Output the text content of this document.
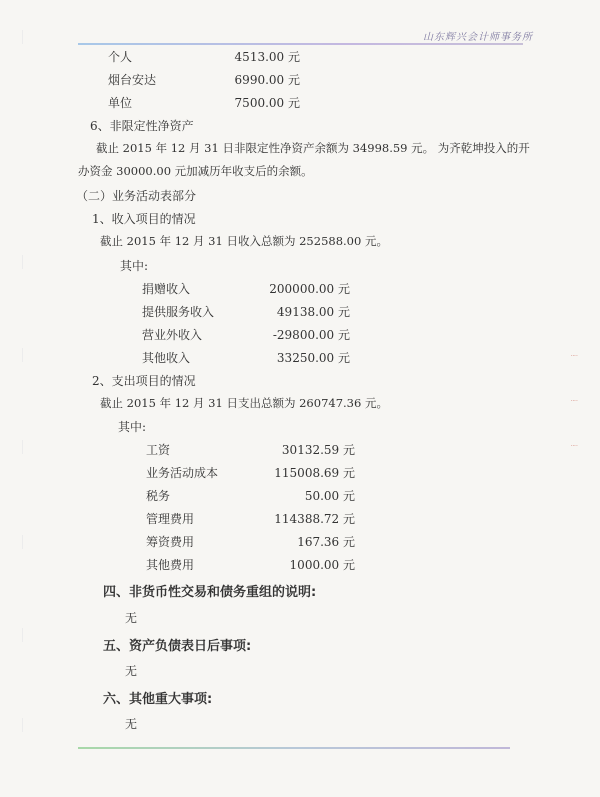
⁞
⁞
⁞
山东辉兴会计师事务所
个人	4513.00 元
烟台安达	6990.00 元
单位	7500.00 元
6、非限定性净资产
截止 2015 年 12 月 31 日非限定性净资产余额为 34998.59 元。 为齐乾坤投入的开
办资金 30000.00 元加减历年收支后的余额。
（二）业务活动表部分
1、收入项目的情况
截止 2015 年 12 月 31 日收入总额为 252588.00 元。
其中:
捐赠收入	200000.00 元
提供服务收入	49138.00 元
营业外收入	-29800.00 元
其他收入	33250.00 元
2、支出项目的情况
截止 2015 年 12 月 31 日支出总额为 260747.36 元。
其中:
工资	30132.59 元
业务活动成本	115008.69 元
税务	50.00 元
管理费用	114388.72 元
筹资费用	167.36 元
其他费用	1000.00 元
四、非货币性交易和债务重组的说明:
无
五、资产负债表日后事项:
无
六、其他重大事项:
无
